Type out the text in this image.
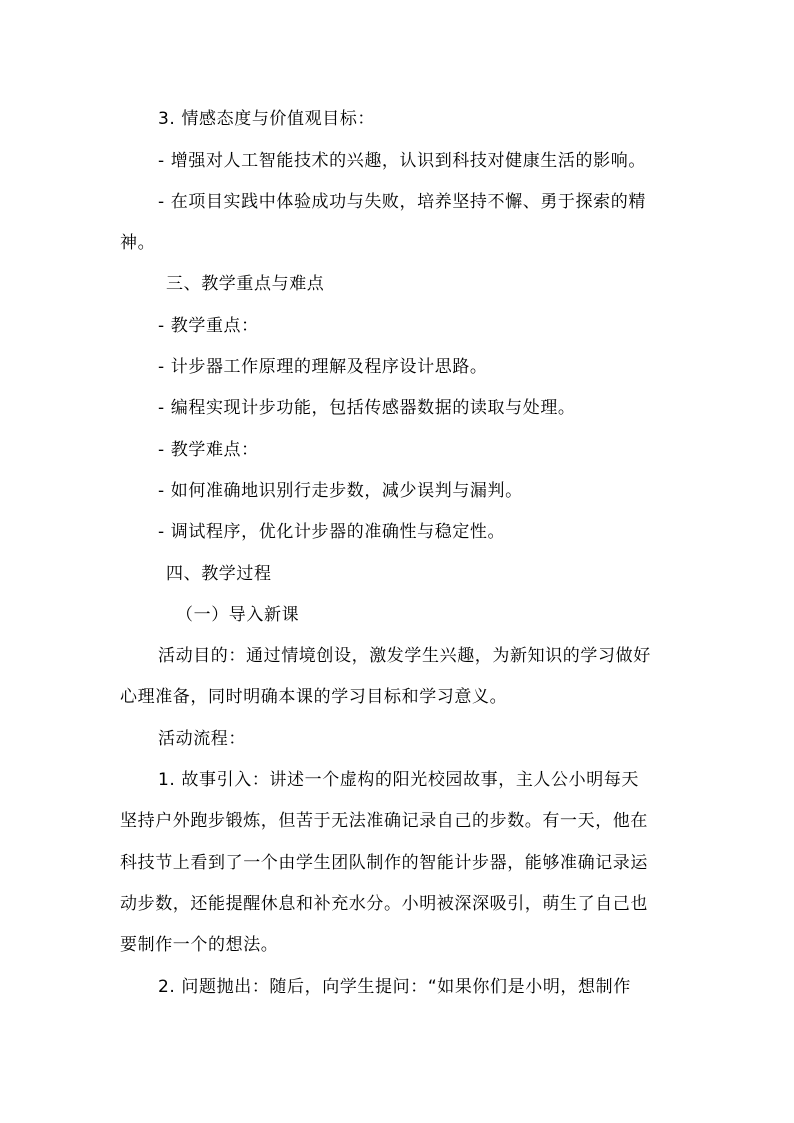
3. 情感态度与价值观目标：
- 增强对人工智能技术的兴趣，认识到科技对健康生活的影响。
- 在项目实践中体验成功与失败，培养坚持不懈、勇于探索的精
神。
三、教学重点与难点
- 教学重点：
- 计步器工作原理的理解及程序设计思路。
- 编程实现计步功能，包括传感器数据的读取与处理。
- 教学难点：
- 如何准确地识别行走步数，减少误判与漏判。
- 调试程序，优化计步器的准确性与稳定性。
四、教学过程
（一）导入新课
活动目的：通过情境创设，激发学生兴趣，为新知识的学习做好
心理准备，同时明确本课的学习目标和学习意义。
活动流程：
1. 故事引入：讲述一个虚构的阳光校园故事，主人公小明每天
坚持户外跑步锻炼，但苦于无法准确记录自己的步数。有一天，他在
科技节上看到了一个由学生团队制作的智能计步器，能够准确记录运
动步数，还能提醒休息和补充水分。小明被深深吸引，萌生了自己也
要制作一个的想法。
2. 问题抛出：随后，向学生提问：“如果你们是小明，想制作
